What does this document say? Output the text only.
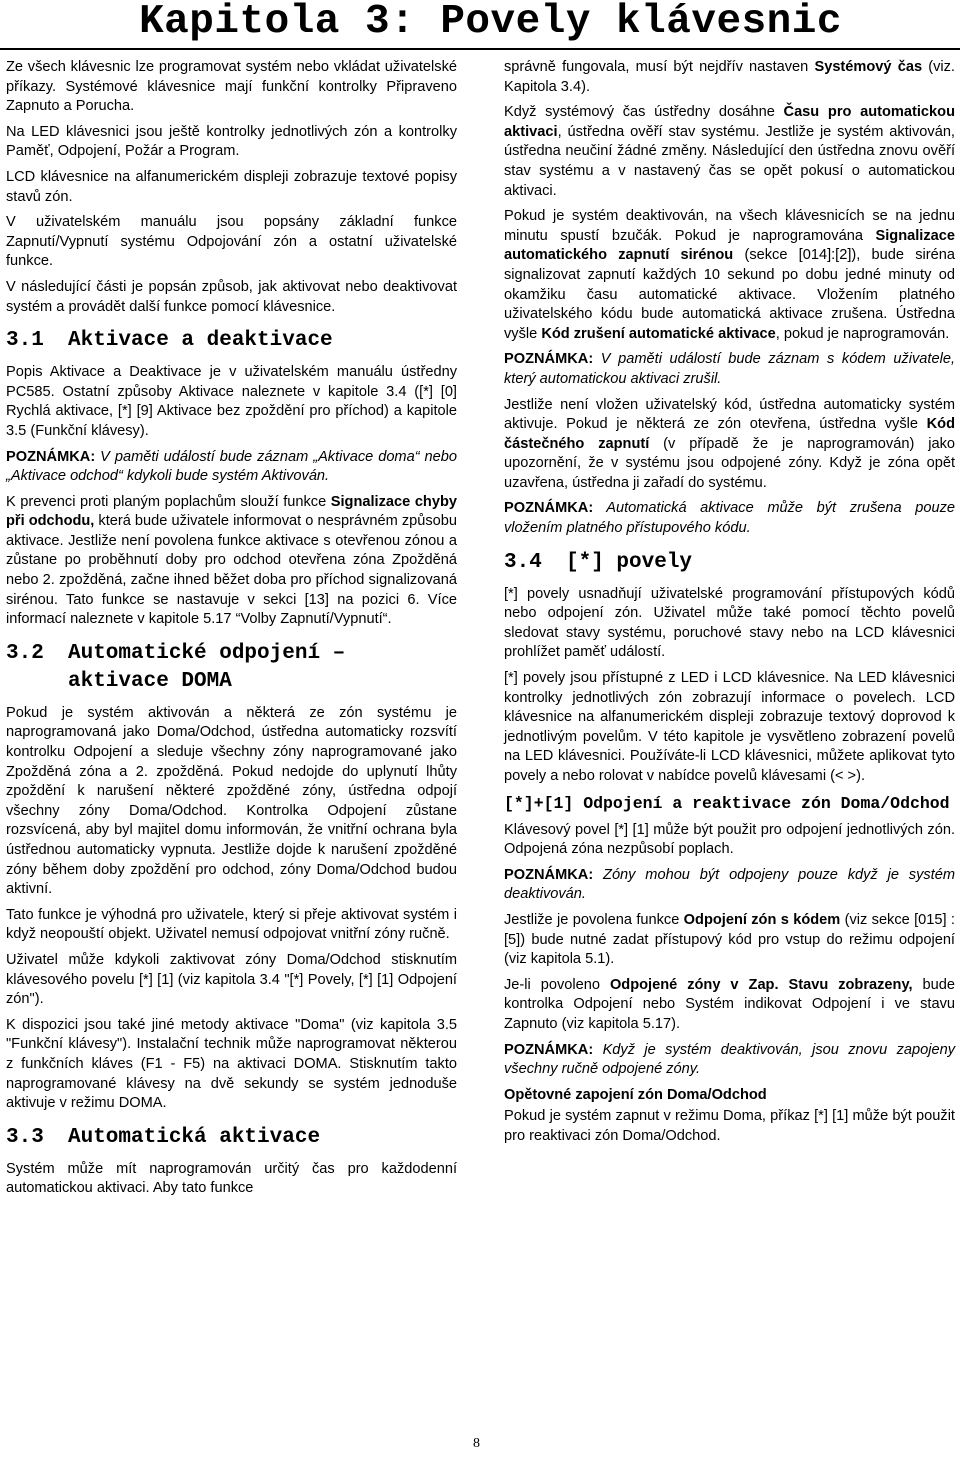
Kapitola 3: Povely klávesnic

Ze všech klávesnic lze programovat systém nebo vkládat uživatelské příkazy. Systémové klávesnice mají funkční kontrolky Připraveno Zapnuto a Porucha.

Na LED klávesnici jsou ještě kontrolky jednotlivých zón a kontrolky Paměť, Odpojení, Požár a Program.

LCD klávesnice na alfanumerickém displeji zobrazuje textové popisy stavů zón.

V uživatelském manuálu jsou popsány základní funkce Zapnutí/Vypnutí systému Odpojování zón a ostatní uživatelské funkce.

V následující části je popsán způsob, jak aktivovat nebo deaktivovat systém a provádět další funkce pomocí klávesnice.

3.1 Aktivace a deaktivace

Popis Aktivace a Deaktivace je v uživatelském manuálu ústředny PC585. Ostatní způsoby Aktivace naleznete v kapitole 3.4 ([*] [0] Rychlá aktivace, [*] [9] Aktivace bez zpoždění pro příchod) a kapitole 3.5 (Funkční klávesy).

POZNÁMKA: V paměti událostí bude záznam „Aktivace doma“ nebo „Aktivace odchod“ kdykoli bude systém Aktivován.

K prevenci proti planým poplachům slouží funkce Signalizace chyby při odchodu, která bude uživatele informovat o nesprávném způsobu aktivace. Jestliže není povolena funkce aktivace s otevřenou zónou a zůstane po proběhnutí doby pro odchod otevřena zóna Zpožděná nebo 2. zpožděná, začne ihned běžet doba pro příchod signalizovaná sirénou. Tato funkce se nastavuje v sekci [13] na pozici 6. Více informací naleznete v kapitole 5.17 “Volby Zapnutí/Vypnutí“.

3.2 Automatické odpojení –
aktivace DOMA

Pokud je systém aktivován a některá ze zón systému je naprogramovaná jako Doma/Odchod, ústředna automaticky rozsvítí kontrolku Odpojení a sleduje všechny zóny naprogramované jako Zpožděná zóna a 2. zpožděná. Pokud nedojde do uplynutí lhůty zpoždění k narušení některé zpožděné zóny, ústředna odpojí všechny zóny Doma/Odchod. Kontrolka Odpojení zůstane rozsvícená, aby byl majitel domu informován, že vnitřní ochrana byla ústřednou automaticky vypnuta. Jestliže dojde k narušení zpožděné zóny během doby zpoždění pro odchod, zóny Doma/Odchod budou aktivní.

Tato funkce je výhodná pro uživatele, který si přeje aktivovat systém i když neopouští objekt. Uživatel nemusí odpojovat vnitřní zóny ručně.

Uživatel může kdykoli zaktivovat zóny Doma/Odchod stisknutím klávesového povelu [*] [1] (viz kapitola 3.4 "[*] Povely, [*] [1] Odpojení zón").

K dispozici jsou také jiné metody aktivace "Doma" (viz kapitola 3.5 "Funkční klávesy"). Instalační technik může naprogramovat některou z funkčních kláves (F1 - F5) na aktivaci DOMA. Stisknutím takto naprogramované klávesy na dvě sekundy se systém jednoduše aktivuje v režimu DOMA.

3.3 Automatická aktivace

Systém může mít naprogramován určitý čas pro každodenní automatickou aktivaci. Aby tato funkce

správně fungovala, musí být nejdřív nastaven Systémový čas (viz. Kapitola 3.4).

Když systémový čas ústředny dosáhne Času pro automatickou aktivaci, ústředna ověří stav systému. Jestliže je systém aktivován, ústředna neučiní žádné změny. Následující den ústředna znovu ověří stav systému a v nastavený čas se opět pokusí o automatickou aktivaci.

Pokud je systém deaktivován, na všech klávesnicích se na jednu minutu spustí bzučák. Pokud je naprogramována Signalizace automatického zapnutí sirénou (sekce [014]:[2]), bude siréna signalizovat zapnutí každých 10 sekund po dobu jedné minuty od okamžiku času automatické aktivace. Vložením platného uživatelského kódu bude automatická aktivace zrušena. Ústředna vyšle Kód zrušení automatické aktivace, pokud je naprogramován.

POZNÁMKA: V paměti událostí bude záznam s kódem uživatele, který automatickou aktivaci zrušil.

Jestliže není vložen uživatelský kód, ústředna automaticky systém aktivuje. Pokud je některá ze zón otevřena, ústředna vyšle Kód částečného zapnutí (v případě že je naprogramován) jako upozornění, že v systému jsou odpojené zóny. Když je zóna opět uzavřena, ústředna ji zařadí do systému.

POZNÁMKA: Automatická aktivace může být zrušena pouze vložením platného přístupového kódu.

3.4 [*] povely

[*] povely usnadňují uživatelské programování přístupových kódů nebo odpojení zón. Uživatel může také pomocí těchto povelů sledovat stavy systému, poruchové stavy nebo na LCD klávesnici prohlížet paměť událostí.

[*] povely jsou přístupné z LED i LCD klávesnice. Na LED klávesnici kontrolky jednotlivých zón zobrazují informace o povelech. LCD klávesnice na alfanumerickém displeji zobrazuje textový doprovod k jednotlivým povelům. V této kapitole je vysvětleno zobrazení povelů na LED klávesnici. Používáte-li LCD klávesnici, můžete aplikovat tyto povely a nebo rolovat v nabídce povelů klávesami (< >).

[*]+[1] Odpojení a reaktivace zón Doma/Odchod

Klávesový povel [*] [1] může být použit pro odpojení jednotlivých zón. Odpojená zóna nezpůsobí poplach.

POZNÁMKA: Zóny mohou být odpojeny pouze když je systém deaktivován.

Jestliže je povolena funkce Odpojení zón s kódem (viz sekce [015] : [5]) bude nutné zadat přístupový kód pro vstup do režimu odpojení (viz kapitola 5.1).

Je-li povoleno Odpojené zóny v Zap. Stavu zobrazeny, bude kontrolka Odpojení nebo Systém indikovat Odpojení i ve stavu Zapnuto (viz kapitola 5.17).

POZNÁMKA: Když je systém deaktivován, jsou znovu zapojeny všechny ručně odpojené zóny.

Opětovné zapojení zón Doma/Odchod

Pokud je systém zapnut v režimu Doma, příkaz [*] [1] může být použit pro reaktivaci zón Doma/Odchod.

8
